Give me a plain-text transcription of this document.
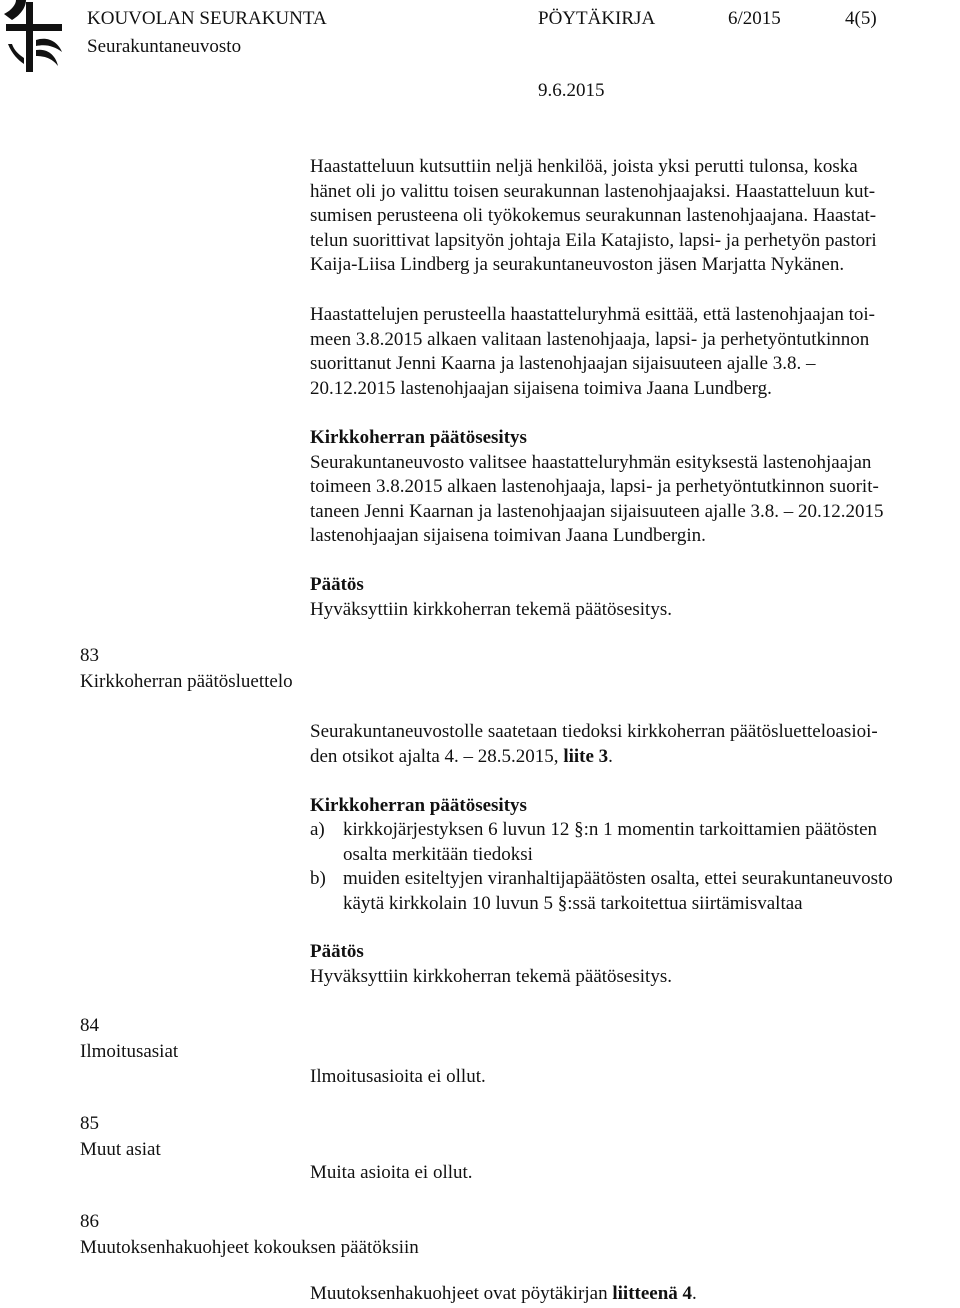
KOUVOLAN SEURAKUNTA	PÖYTÄKIRJA	6/2015	4(5)
Seurakuntaneuvosto
9.6.2015
Haastatteluun kutsuttiin neljä henkilöä, joista yksi perutti tulonsa, koska
hänet oli jo valittu toisen seurakunnan lastenohjaajaksi. Haastatteluun kut-
sumisen perusteena oli työkokemus seurakunnan lastenohjaajana. Haastat-
telun suorittivat lapsityön johtaja Eila Katajisto, lapsi- ja perhetyön pastori
Kaija-Liisa Lindberg ja seurakuntaneuvoston jäsen Marjatta Nykänen.
Haastattelujen perusteella haastatteluryhmä esittää, että lastenohjaajan toi-
meen 3.8.2015 alkaen valitaan lastenohjaaja, lapsi- ja perhetyöntutkinnon
suorittanut Jenni Kaarna ja lastenohjaajan sijaisuuteen ajalle 3.8. –
20.12.2015 lastenohjaajan sijaisena toimiva Jaana Lundberg.
Kirkkoherran päätösesitys
Seurakuntaneuvosto valitsee haastatteluryhmän esityksestä lastenohjaajan
toimeen 3.8.2015 alkaen lastenohjaaja, lapsi- ja perhetyöntutkinnon suorit-
taneen Jenni Kaarnan ja lastenohjaajan sijaisuuteen ajalle 3.8. – 20.12.2015
lastenohjaajan sijaisena toimivan Jaana Lundbergin.
Päätös
Hyväksyttiin kirkkoherran tekemä päätösesitys.
83
Kirkkoherran päätösluettelo
Seurakuntaneuvostolle saatetaan tiedoksi kirkkoherran päätösluetteloasioi-
den otsikot ajalta 4. – 28.5.2015, liite 3.
Kirkkoherran päätösesitys
a) kirkkojärjestyksen 6 luvun 12 §:n 1 momentin tarkoittamien päätösten
osalta merkitään tiedoksi
b) muiden esiteltyjen viranhaltijapäätösten osalta, ettei seurakuntaneuvosto
käytä kirkkolain 10 luvun 5 §:ssä tarkoitettua siirtämisvaltaa
Päätös
Hyväksyttiin kirkkoherran tekemä päätösesitys.
84
Ilmoitusasiat
Ilmoitusasioita ei ollut.
85
Muut asiat
Muita asioita ei ollut.
86
Muutoksenhakuohjeet kokouksen päätöksiin
Muutoksenhakuohjeet ovat pöytäkirjan liitteenä 4.
